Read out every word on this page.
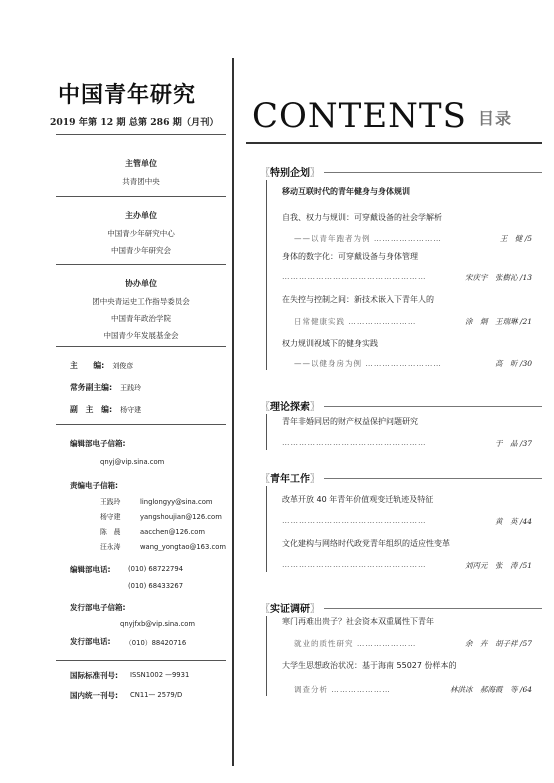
中国青年研究
2019 年第 12 期 总第 286 期（月刊）
主管单位
共青团中央
主办单位
中国青少年研究中心
中国青少年研究会
协办单位
团中央青运史工作指导委员会
中国青年政治学院
中国青少年发展基金会
主　　编: 刘俊彦
常务副主编: 王践玲
副　主　编: 杨守建
编辑部电子信箱:
qnyj@vip.sina.com
责编电子信箱:
王践玲	linglongyy@sina.com
杨守建	yangshoujian@126.com
陈　晨	aacchen@126.com
汪永涛	wang_yongtao@163.com
编辑部电话:	(010) 68722794
(010) 68433267
发行部电子信箱:
qnyjfxb@vip.sina.com
发行部电话: （010）88420716
国际标准刊号: ISSN1002 —9931
国内统一刊号: CN11— 2579/D
CONTENTS 目录
〖特别企划〗
移动互联时代的青年健身与身体规训
自我、权力与规训：可穿戴设备的社会学解析
——以青年跑者为例 ……………………	王　健 /5
身体的数字化：可穿戴设备与身体管理
……………………………………………	宋庆宇　张樹沁 /13
在失控与控制之间：新技术嵌入下青年人的
日常健康实践 ……………………	涂　炯　王瑞琳 /21
权力规训视域下的健身实践
——以健身房为例 ………………………	高　昕 /30
〖理论探索〗
青年非婚同居的财产权益保护问题研究
……………………………………………	于　晶 /37
〖青年工作〗
改革开放 40 年青年价值观变迁轨迹及特征
……………………………………………	黄　英 /44
文化建构与网络时代政党青年组织的适应性变革
……………………………………………	刘丙元　张　涛 /51
〖实证调研〗
寒门再难出贵子？社会资本双重属性下青年
就业的质性研究 …………………	余　卉　胡子祥 /57
大学生思想政治状况：基于海南 55027 份样本的
调查分析 …………………	林洪冰　郝海霞　等 /64
